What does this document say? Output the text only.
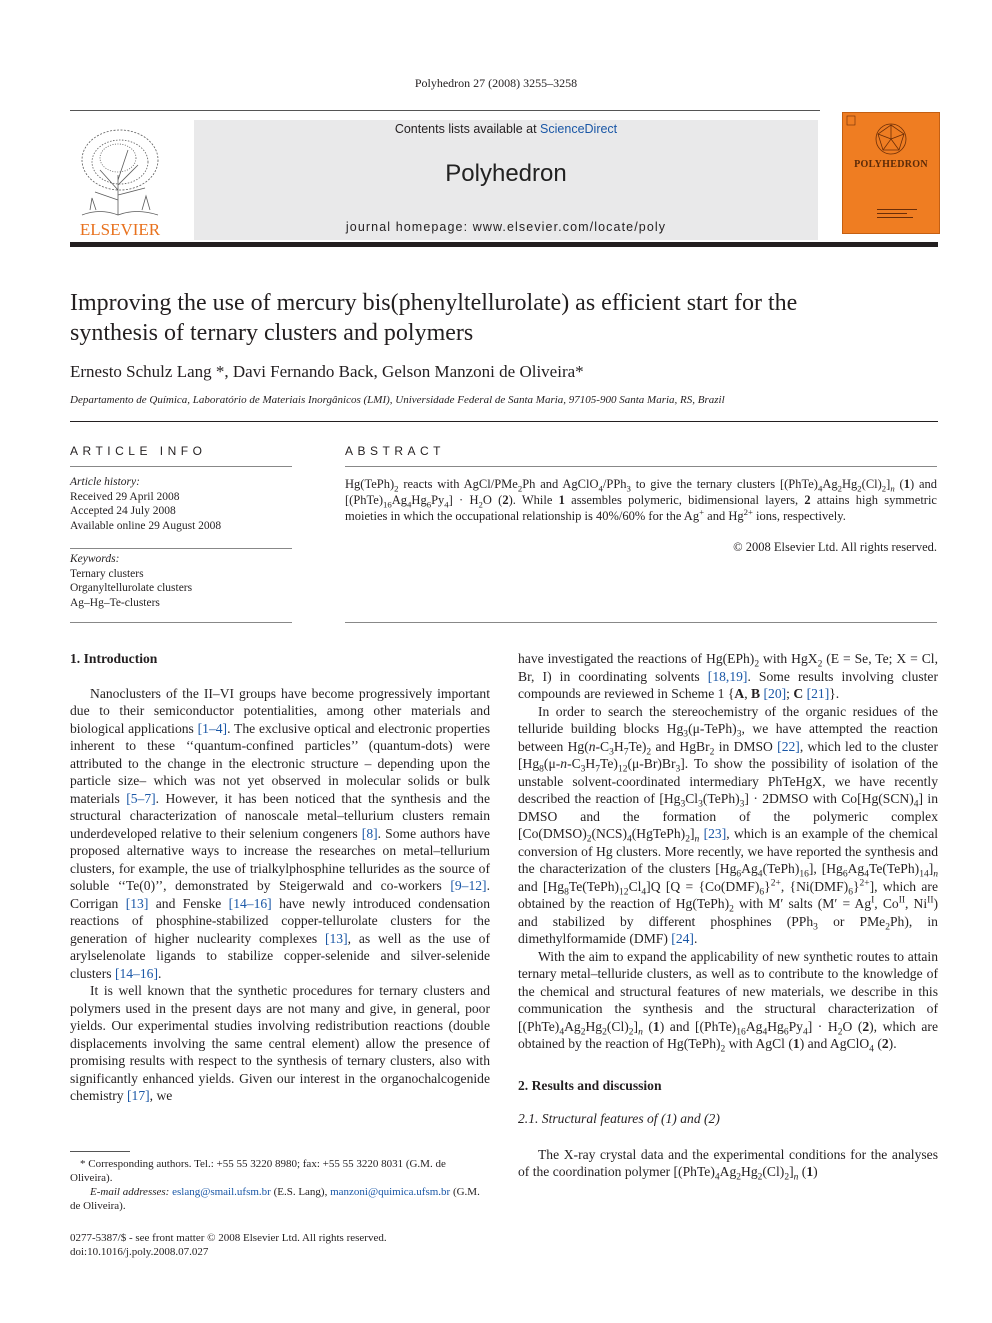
Polyhedron 27 (2008) 3255–3258
ELSEVIER
Contents lists available at ScienceDirect
Polyhedron
journal homepage: www.elsevier.com/locate/poly
POLYHEDRON
Improving the use of mercury bis(phenyltellurolate) as efficient start for the synthesis of ternary clusters and polymers
Ernesto Schulz Lang *, Davi Fernando Back, Gelson Manzoni de Oliveira*
Departamento de Química, Laboratório de Materiais Inorgânicos (LMI), Universidade Federal de Santa Maria, 97105-900 Santa Maria, RS, Brazil
ARTICLE INFO
Article history:
Received 29 April 2008
Accepted 24 July 2008
Available online 29 August 2008
Keywords:
Ternary clusters
Organyltellurolate clusters
Ag–Hg–Te-clusters
ABSTRACT
$Hg(TePh)_2$ reacts with AgCl/PMe$_2$Ph and AgClO$_4$/PPh$_3$ to give the ternary clusters $[(PhTe)_4Ag_2Hg_2(Cl)_2]_n$ (1) and $[(PhTe)_{16}Ag_4Hg_6Py_4] \cdot H_2O$ (2). While 1 assembles polymeric, bidimensional layers, 2 attains high symmetric moieties in which the occupational relationship is 40%/60% for the Ag+ and $Hg^{2+}$ ions, respectively.
© 2008 Elsevier Ltd. All rights reserved.
1. Introduction

Nanoclusters of the II–VI groups have become progressively important due to their semiconductor potentialities, among other materials and biological applications [1–4]. The exclusive optical and electronic properties inherent to these ‘‘quantum-confined particles’’ (quantum-dots) were attributed to the change in the electronic structure – depending upon the particle size– which was not yet observed in molecular solids or bulk materials [5–7]. However, it has been noticed that the synthesis and the structural characterization of nanoscale metal–tellurium clusters remain underdeveloped relative to their selenium congeners [8]. Some authors have proposed alternative ways to increase the researches on metal–tellurium clusters, for example, the use of trialkylphosphine tellurides as the source of soluble ‘‘Te(0)’’, demonstrated by Steigerwald and co-workers [9–12]. Corrigan [13] and Fenske [14–16] have newly introduced condensation reactions of phosphine-stabilized copper-tellurolate clusters for the generation of higher nuclearity complexes [13], as well as the use of arylselenolate ligands to stabilize copper-selenide and silver-selenide clusters [14–16].

It is well known that the synthetic procedures for ternary clusters and polymers used in the present days are not many and give, in general, poor yields. Our experimental studies involving redistribution reactions (double displacements involving the same central element) allow the presence of promising results with respect to the synthesis of ternary clusters, also with significantly enhanced yields. Given our interest in the organochalcogenide chemistry [17], we

* Corresponding authors. Tel.: +55 55 3220 8980; fax: +55 55 3220 8031 (G.M. de Oliveira).
E-mail addresses: eslang@smail.ufsm.br (E.S. Lang), manzoni@quimica.ufsm.br (G.M. de Oliveira).
0277-5387/$ - see front matter © 2008 Elsevier Ltd. All rights reserved.
doi:10.1016/j.poly.2008.07.027

have investigated the reactions of $Hg(EPh)_2$ with HgX$_2$ (E = Se, Te; X = Cl, Br, I) in coordinating solvents [18,19]. Some results involving cluster compounds are reviewed in Scheme 1 {A, B [20]; C [21]}.

In order to search the stereochemistry of the organic residues of the telluride building blocks $Hg_3(\mu-TePh)_3$, we have attempted the reaction between $Hg(n-C_3H_7Te)_2$ and HgBr$_2$ in DMSO [22], which led to the cluster $[Hg_8(\mu-n-C_3H_7Te)_{12}(\mu-Br)Br_3]$. To show the possibility of isolation of the unstable solvent-coordinated intermediary PhTeHgX, we have recently described the reaction of $[Hg_3Cl_3(TePh)_3]$ · 2DMSO with $Co[Hg(SCN)_4]$ in DMSO and the formation of the polymeric complex $[Co(DMSO)_2(NCS)_4(HgTePh)_2]_n$ [23], which is an example of the chemical conversion of Hg clusters. More recently, we have reported the synthesis and the characterization of the clusters $[Hg_6Ag_4(TePh)_{16}]$, $[Hg_6Ag_4Te(TePh)_{14}]_n$ and $[Hg_8Te(TePh)_{12}Cl_4]Q$ [$Q = \{Co(DMF)_6\}^{2+}$, $\{Ni(DMF)_6\}^{2+}$], which are obtained by the reaction of $Hg(TePh)_2$ with M′ salts ($M' = Ag^I$, $Co^{II}$, $Ni^{II}$) and stabilized by different phosphines (PPh$_3$ or PMe$_2$Ph), in dimethylformamide (DMF) [24].

With the aim to expand the applicability of new synthetic routes to attain ternary metal–telluride clusters, as well as to contribute to the knowledge of the chemical and structural features of new materials, we describe in this communication the synthesis and the structural characterization of $[(PhTe)_4Ag_2Hg_2(Cl)_2]_n$ (1) and $[(PhTe)_{16}Ag_4Hg_6Py_4] \cdot H_2O$ (2), which are obtained by the reaction of $Hg(TePh)_2$ with AgCl (1) and AgClO$_4$ (2).

2. Results and discussion
2.1. Structural features of (1) and (2)

The X-ray crystal data and the experimental conditions for the analyses of the coordination polymer $[(PhTe)_4Ag_2Hg_2(Cl)_2]_n$ (1)
